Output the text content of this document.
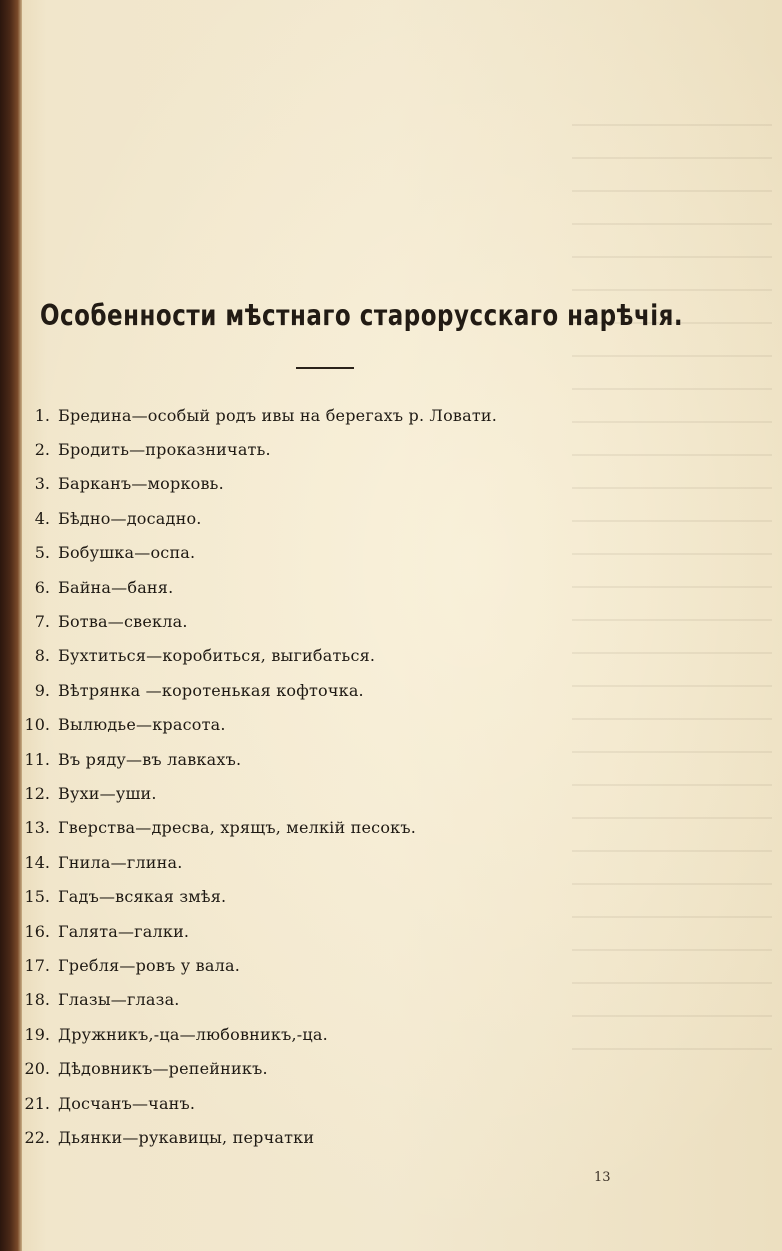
Особенности мѣстнаго старорусскаго нарѣчія.
1. Бредина—особый родъ ивы на берегахъ р. Ловати.
2. Бродить—проказничать.
3. Барканъ—морковь.
4. Бѣдно—досадно.
5. Бобушка—оспа.
6. Байна—баня.
7. Ботва—свекла.
8. Бухтиться—коробиться, выгибаться.
9. Вѣтрянка —коротенькая кофточка.
10. Вылюдье—красота.
11. Въ ряду—въ лавкахъ.
12. Вухи—уши.
13. Гверства—дресва, хрящъ, мелкій песокъ.
14. Гнила—глина.
15. Гадъ—всякая змѣя.
16. Галята—галки.
17. Гребля—ровъ у вала.
18. Глазы—глаза.
19. Дружникъ,-ца—любовникъ,-ца.
20. Дѣдовникъ—репейникъ.
21. Досчанъ—чанъ.
22. Дьянки—рукавицы, перчатки
13
